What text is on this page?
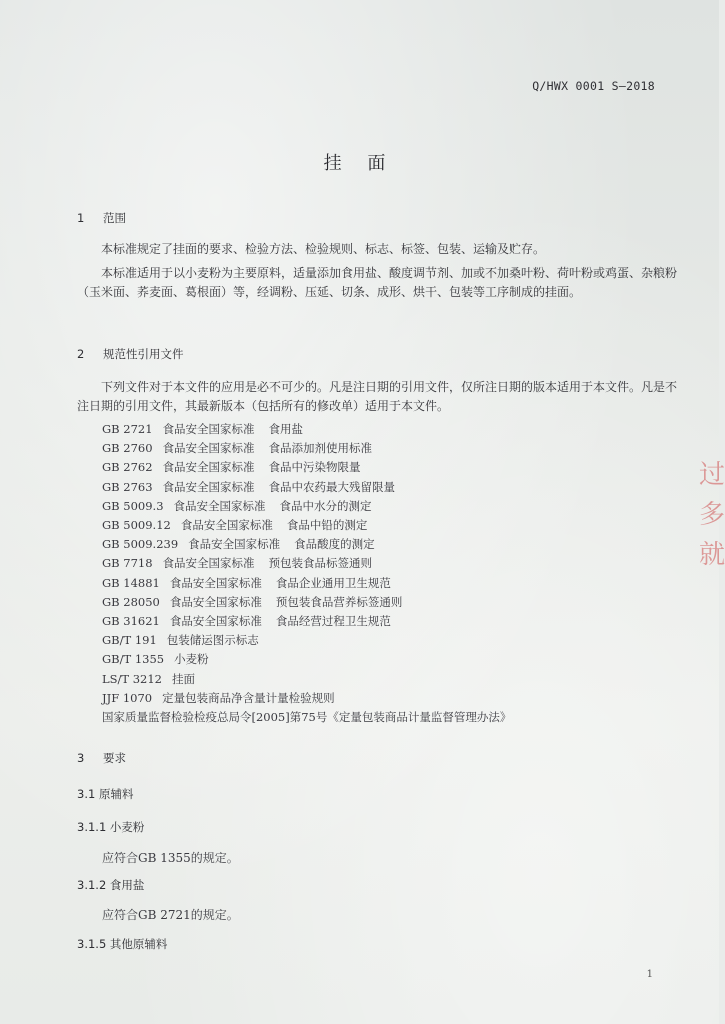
过
多
就
Q/HWX 0001 S—2018
挂 面
1 范围

本标准规定了挂面的要求、检验方法、检验规则、标志、标签、包装、运输及贮存。

本标准适用于以小麦粉为主要原料，适量添加食用盐、酸度调节剂、加或不加桑叶粉、荷叶粉或鸡蛋、杂粮粉（玉米面、荞麦面、葛根面）等，经调粉、压延、切条、成形、烘干、包装等工序制成的挂面。

2 规范性引用文件

下列文件对于本文件的应用是必不可少的。凡是注日期的引用文件，仅所注日期的版本适用于本文件。凡是不注日期的引用文件，其最新版本（包括所有的修改单）适用于本文件。

GB 2721 食品安全国家标准 食用盐
GB 2760 食品安全国家标准 食品添加剂使用标准
GB 2762 食品安全国家标准 食品中污染物限量
GB 2763 食品安全国家标准 食品中农药最大残留限量
GB 5009.3 食品安全国家标准 食品中水分的测定
GB 5009.12 食品安全国家标准 食品中铅的测定
GB 5009.239 食品安全国家标准 食品酸度的测定
GB 7718 食品安全国家标准 预包装食品标签通则
GB 14881 食品安全国家标准 食品企业通用卫生规范
GB 28050 食品安全国家标准 预包装食品营养标签通则
GB 31621 食品安全国家标准 食品经营过程卫生规范
GB/T 191 包装储运图示标志
GB/T 1355 小麦粉
LS/T 3212 挂面
JJF 1070 定量包装商品净含量计量检验规则
国家质量监督检验检疫总局令[2005]第75号《定量包装商品计量监督管理办法》
3 要求
3.1 原辅料
3.1.1 小麦粉
应符合GB 1355的规定。
3.1.2 食用盐
应符合GB 2721的规定。
3.1.5 其他原辅料
1
